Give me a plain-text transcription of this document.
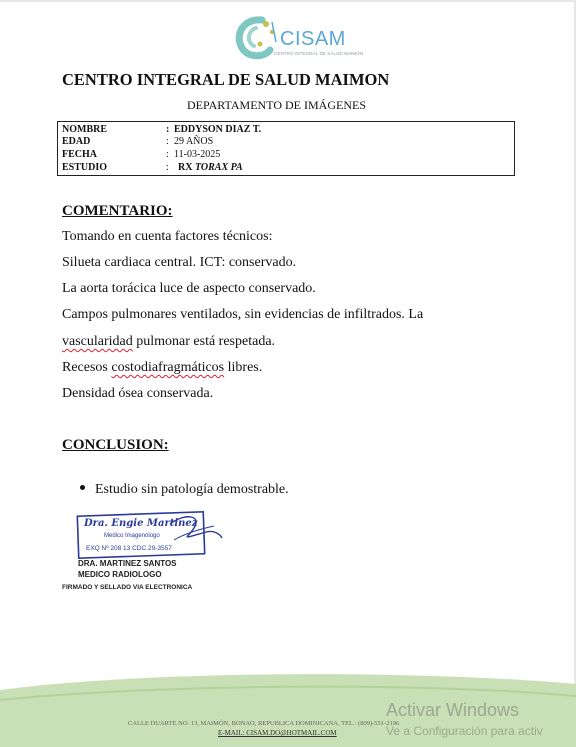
CISAM
CENTRO INTEGRAL DE SALUD MAIMÓN
CENTRO INTEGRAL DE SALUD MAIMON
DEPARTAMENTO DE IMÁGENES
NOMBRE	: EDDYSON DIAZ T.
EDAD	: 29 AÑOS
FECHA	: 11-03-2025
ESTUDIO	: RX TORAX PA
COMENTARIO:
Tomando en cuenta factores técnicos:
Silueta cardiaca central. ICT: conservado.
La aorta torácica luce de aspecto conservado.
Campos pulmonares ventilados, sin evidencias de infiltrados. La
vascularidad pulmonar está respetada.
Recesos costodiafragmáticos libres.
Densidad ósea conservada.
CONCLUSION:
Estudio sin patología demostrable.
Dra. Engie Martinez
Medico Imagenólogo
EXQ Nº 208 13 CDC 29-3557
DRA. MARTINEZ SANTOS
MEDICO RADIOLOGO
FIRMADO Y SELLADO VIA ELECTRONICA
CALLE DUARTE NO. 13, MAIMÓN, BONAO, REPUBLICA DOMINICANA, TEL.: (809)-551-2196
E-MAIL: CISAM.DO@HOTMAIL.COM
Activar Windows
Ve a Configuración para activ
